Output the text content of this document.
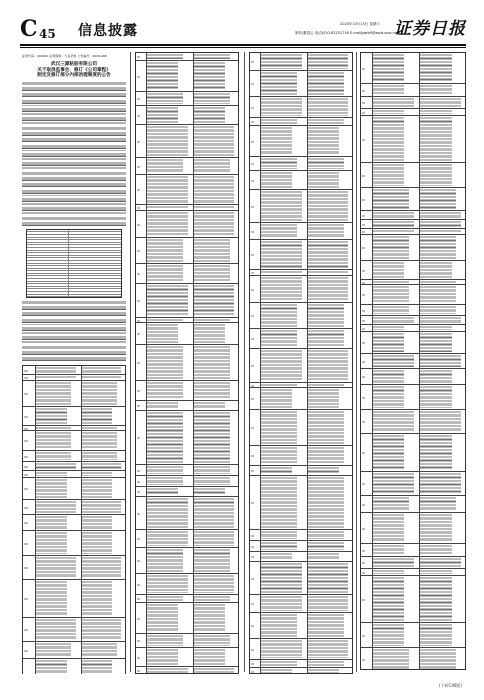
C 45 信息披露	2020年10月15日 星期六
制作|董春云 电话|010-83251716 E-mail|zqrb9@zqrb.sina.net
证券日报
证券代码：000910 证券简称：大亚圣象 公告编号：2020-068
武汉三源粘胶有限公司
关于取消监事会、修订《公司章程》
制定及修订部分内部治理制度的公告
(下转C46版)
